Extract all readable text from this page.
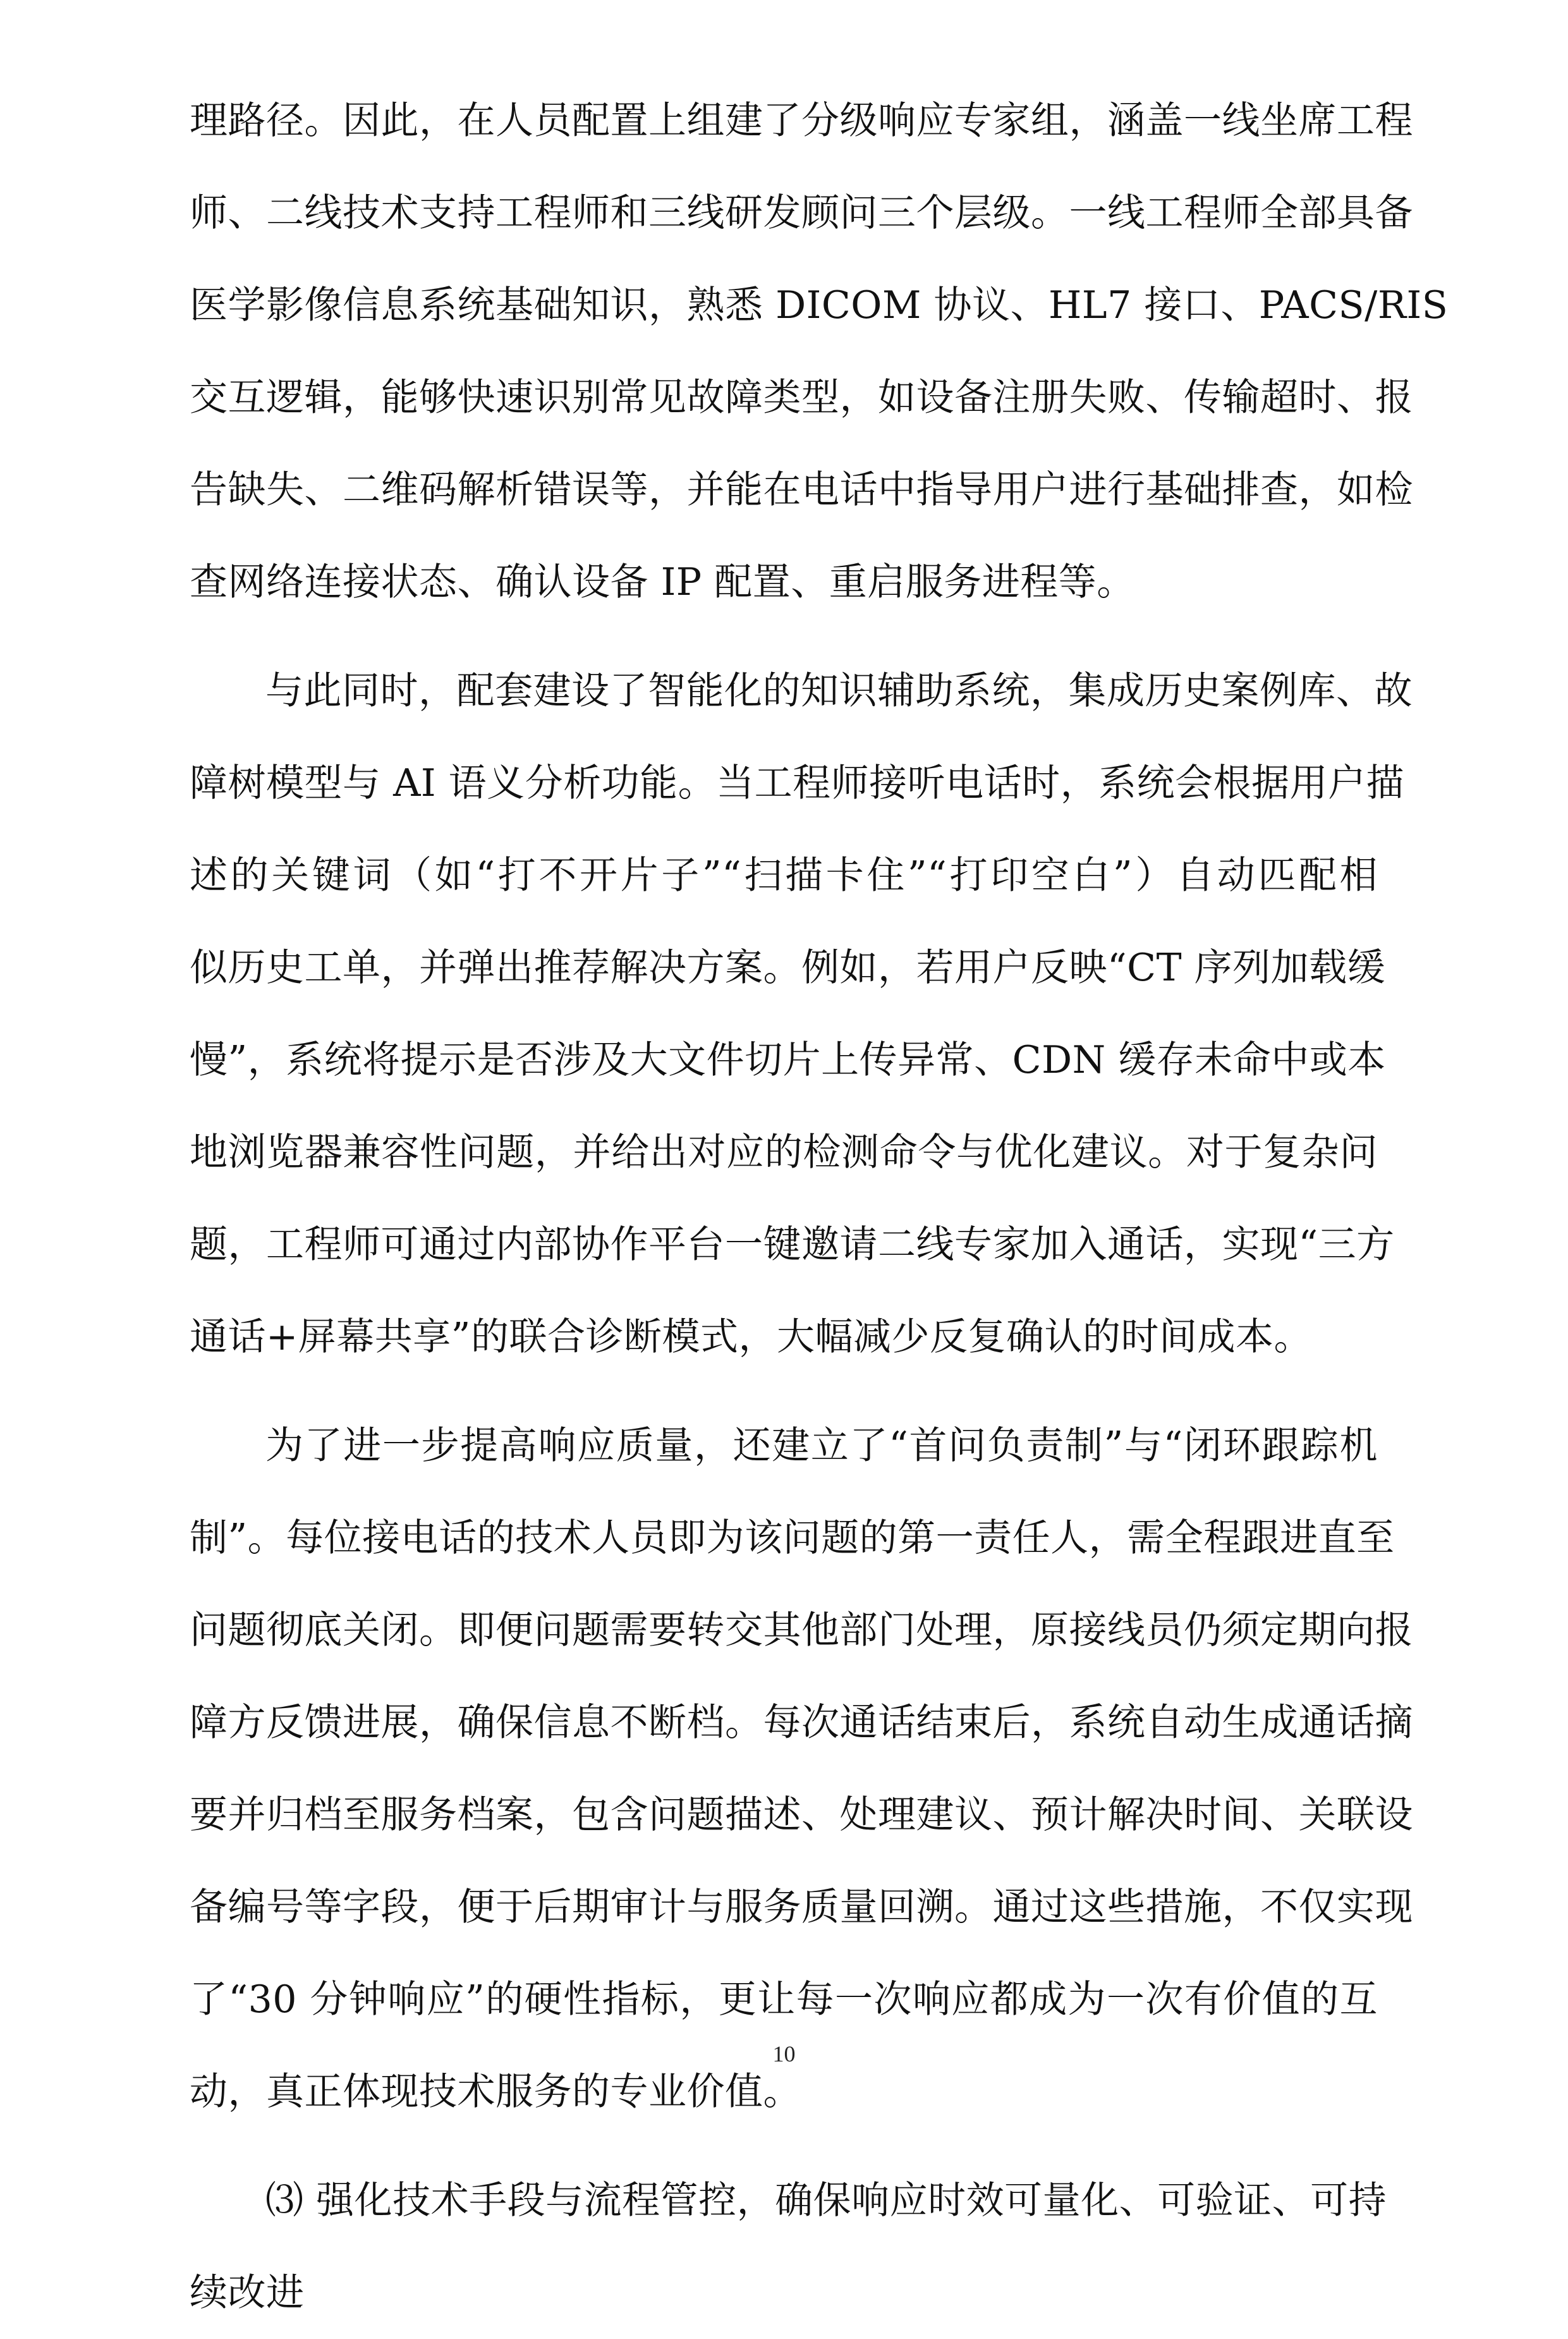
理路径。因此，在人员配置上组建了分级响应专家组，涵盖一线坐席工程
师、二线技术支持工程师和三线研发顾问三个层级。一线工程师全部具备
医学影像信息系统基础知识，熟悉 DICOM 协议、HL7 接口、PACS/RIS
交互逻辑，能够快速识别常见故障类型，如设备注册失败、传输超时、报
告缺失、二维码解析错误等，并能在电话中指导用户进行基础排查，如检
查网络连接状态、确认设备 IP 配置、重启服务进程等。
与此同时，配套建设了智能化的知识辅助系统，集成历史案例库、故
障树模型与 AI 语义分析功能。当工程师接听电话时，系统会根据用户描
述的关键词（如“打不开片子”“扫描卡住”“打印空白”）自动匹配相
似历史工单，并弹出推荐解决方案。例如，若用户反映“CT 序列加载缓
慢”，系统将提示是否涉及大文件切片上传异常、CDN 缓存未命中或本
地浏览器兼容性问题，并给出对应的检测命令与优化建议。对于复杂问
题，工程师可通过内部协作平台一键邀请二线专家加入通话，实现“三方
通话+屏幕共享”的联合诊断模式，大幅减少反复确认的时间成本。
为了进一步提高响应质量，还建立了“首问负责制”与“闭环跟踪机
制”。每位接电话的技术人员即为该问题的第一责任人，需全程跟进直至
问题彻底关闭。即便问题需要转交其他部门处理，原接线员仍须定期向报
障方反馈进展，确保信息不断档。每次通话结束后，系统自动生成通话摘
要并归档至服务档案，包含问题描述、处理建议、预计解决时间、关联设
备编号等字段，便于后期审计与服务质量回溯。通过这些措施，不仅实现
了“30 分钟响应”的硬性指标，更让每一次响应都成为一次有价值的互
动，真正体现技术服务的专业价值。
⑶ 强化技术手段与流程管控，确保响应时效可量化、可验证、可持
续改进
10
